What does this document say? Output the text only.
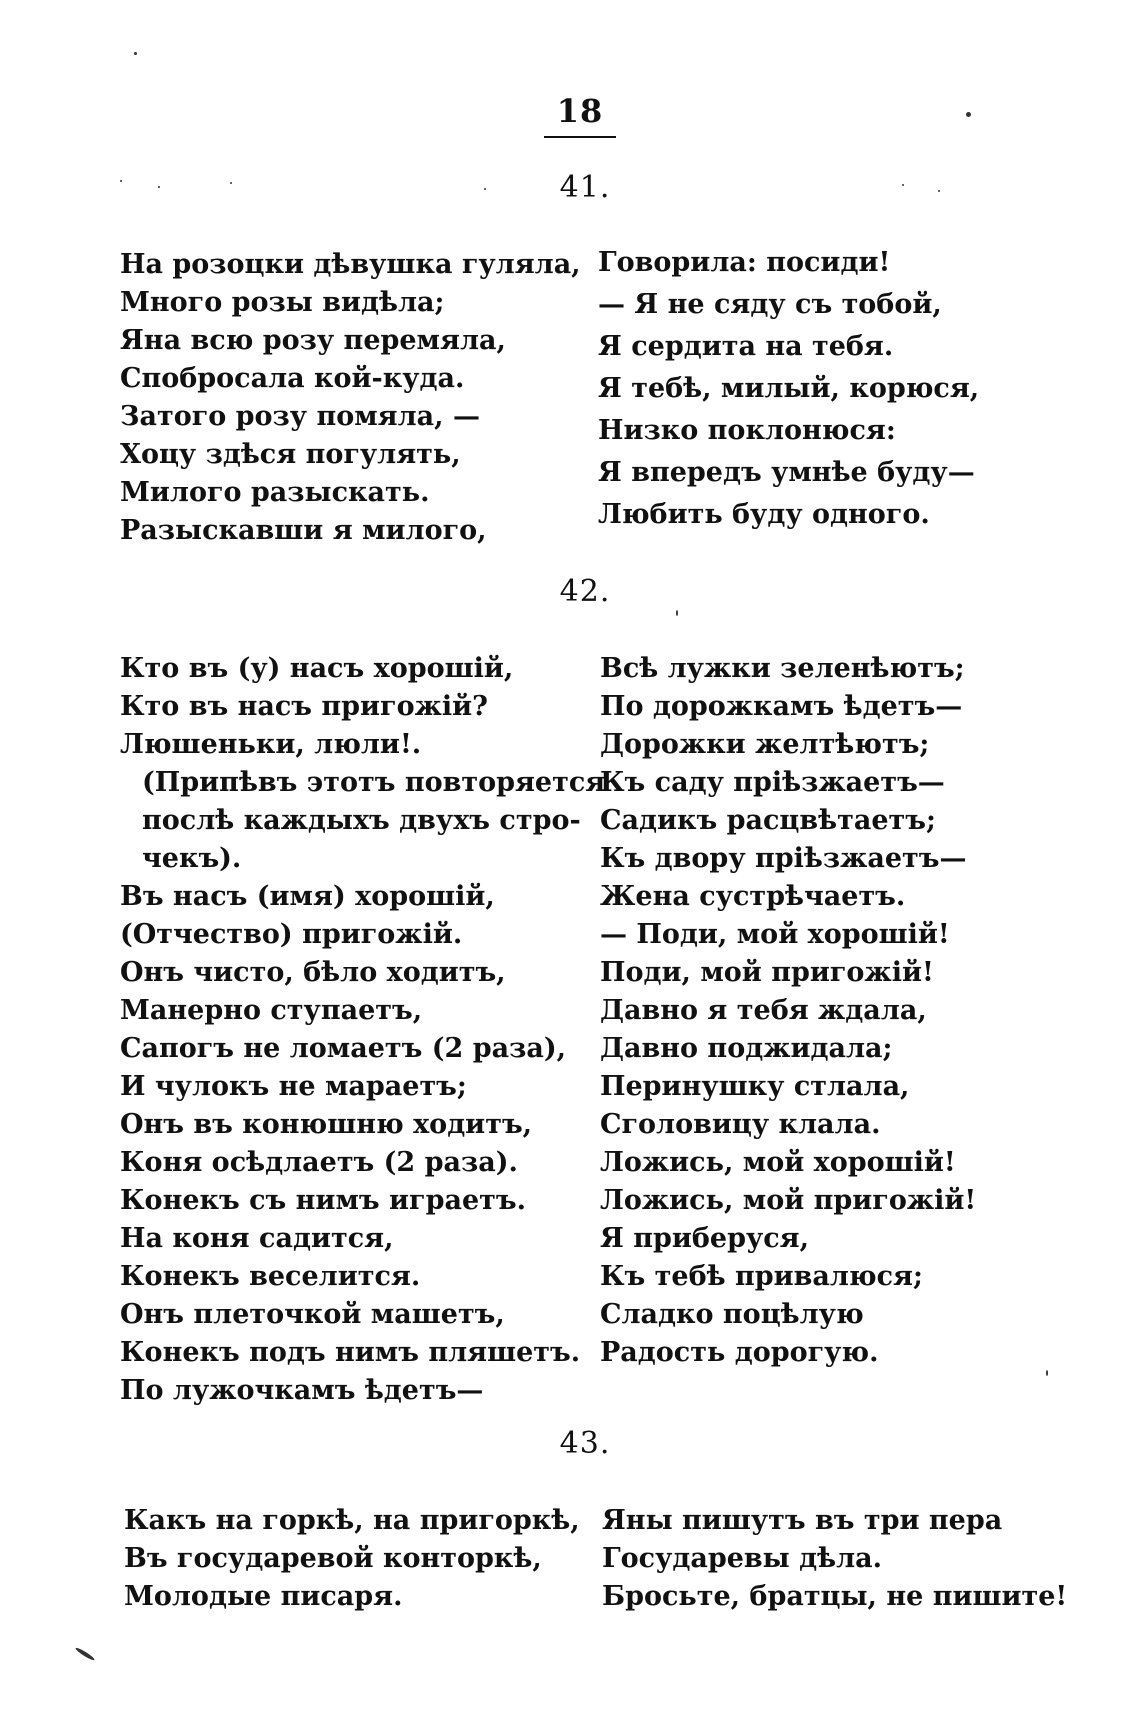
18
41.
На розоцки дѣвушка гуляла,
Много розы видѣла;
Яна всю розу перемяла,
Спобросала кой-куда.
Затого розу помяла, —
Хоцу здѣся погулять,
Милого разыскать.
Разыскавши я милого,
Говорила: посиди!
— Я не сяду съ тобой,
Я сердита на тебя.
Я тебѣ, милый, корюся,
Низко поклонюся:
Я впередъ умнѣе буду—
Любить буду одного.
42.
Кто въ (у) насъ хорошій,
Кто въ насъ пригожій?
Люшеньки, люли!.
(Припѣвъ этотъ повторяется
послѣ каждыхъ двухъ стро-
чекъ).
Въ насъ (имя) хорошій,
(Отчество) пригожій.
Онъ чисто, бѣло ходитъ,
Манерно ступаетъ,
Сапогъ не ломаетъ (2 раза),
И чулокъ не мараетъ;
Онъ въ конюшню ходитъ,
Коня осѣдлаетъ (2 раза).
Конекъ съ нимъ играетъ.
На коня садится,
Конекъ веселится.
Онъ плеточкой машетъ,
Конекъ подъ нимъ пляшетъ.
По лужочкамъ ѣдетъ—
Всѣ лужки зеленѣютъ;
По дорожкамъ ѣдетъ—
Дорожки желтѣютъ;
Къ саду пріѣзжаетъ—
Садикъ расцвѣтаетъ;
Къ двору пріѣзжаетъ—
Жена сустрѣчаетъ.
— Поди, мой хорошій!
Поди, мой пригожій!
Давно я тебя ждала,
Давно поджидала;
Перинушку стлала,
Сголовицу клала.
Ложись, мой хорошій!
Ложись, мой пригожій!
Я приберуся,
Къ тебѣ привалюся;
Сладко поцѣлую
Радость дорогую.
43.
Какъ на горкѣ, на пригоркѣ,
Въ государевой конторкѣ,
Молодые писаря.
Яны пишутъ въ три пера
Государевы дѣла.
Бросьте, братцы, не пишите!
